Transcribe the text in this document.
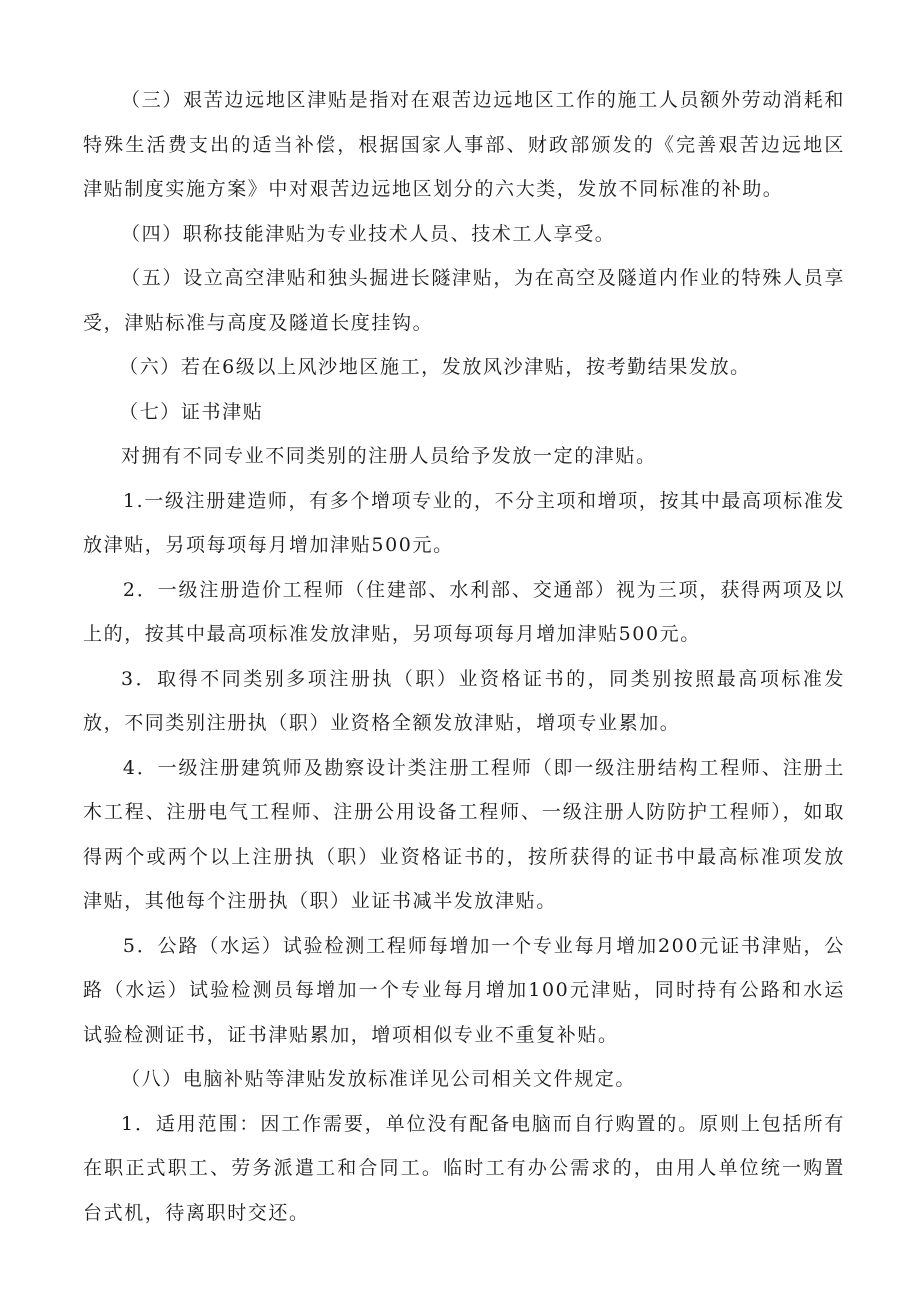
（三）艰苦边远地区津贴是指对在艰苦边远地区工作的施工人员额外劳动消耗和特殊生活费支出的适当补偿，根据国家人事部、财政部颁发的《完善艰苦边远地区津贴制度实施方案》中对艰苦边远地区划分的六大类，发放不同标准的补助。

（四）职称技能津贴为专业技术人员、技术工人享受。

（五）设立高空津贴和独头掘进长隧津贴，为在高空及隧道内作业的特殊人员享受，津贴标准与高度及隧道长度挂钩。

（六）若在6级以上风沙地区施工，发放风沙津贴，按考勤结果发放。

（七）证书津贴

对拥有不同专业不同类别的注册人员给予发放一定的津贴。

1.一级注册建造师，有多个增项专业的，不分主项和增项，按其中最高项标准发放津贴，另项每项每月增加津贴500元。

2．一级注册造价工程师（住建部、水利部、交通部）视为三项，获得两项及以上的，按其中最高项标准发放津贴，另项每项每月增加津贴500元。

3．取得不同类别多项注册执（职）业资格证书的，同类别按照最高项标准发放，不同类别注册执（职）业资格全额发放津贴，增项专业累加。

4．一级注册建筑师及勘察设计类注册工程师（即一级注册结构工程师、注册土木工程、注册电气工程师、注册公用设备工程师、一级注册人防防护工程师），如取得两个或两个以上注册执（职）业资格证书的，按所获得的证书中最高标准项发放津贴，其他每个注册执（职）业证书减半发放津贴。

5．公路（水运）试验检测工程师每增加一个专业每月增加200元证书津贴，公路（水运）试验检测员每增加一个专业每月增加100元津贴，同时持有公路和水运试验检测证书，证书津贴累加，增项相似专业不重复补贴。

（八）电脑补贴等津贴发放标准详见公司相关文件规定。

1．适用范围：因工作需要，单位没有配备电脑而自行购置的。原则上包括所有在职正式职工、劳务派遣工和合同工。临时工有办公需求的，由用人单位统一购置台式机，待离职时交还。
